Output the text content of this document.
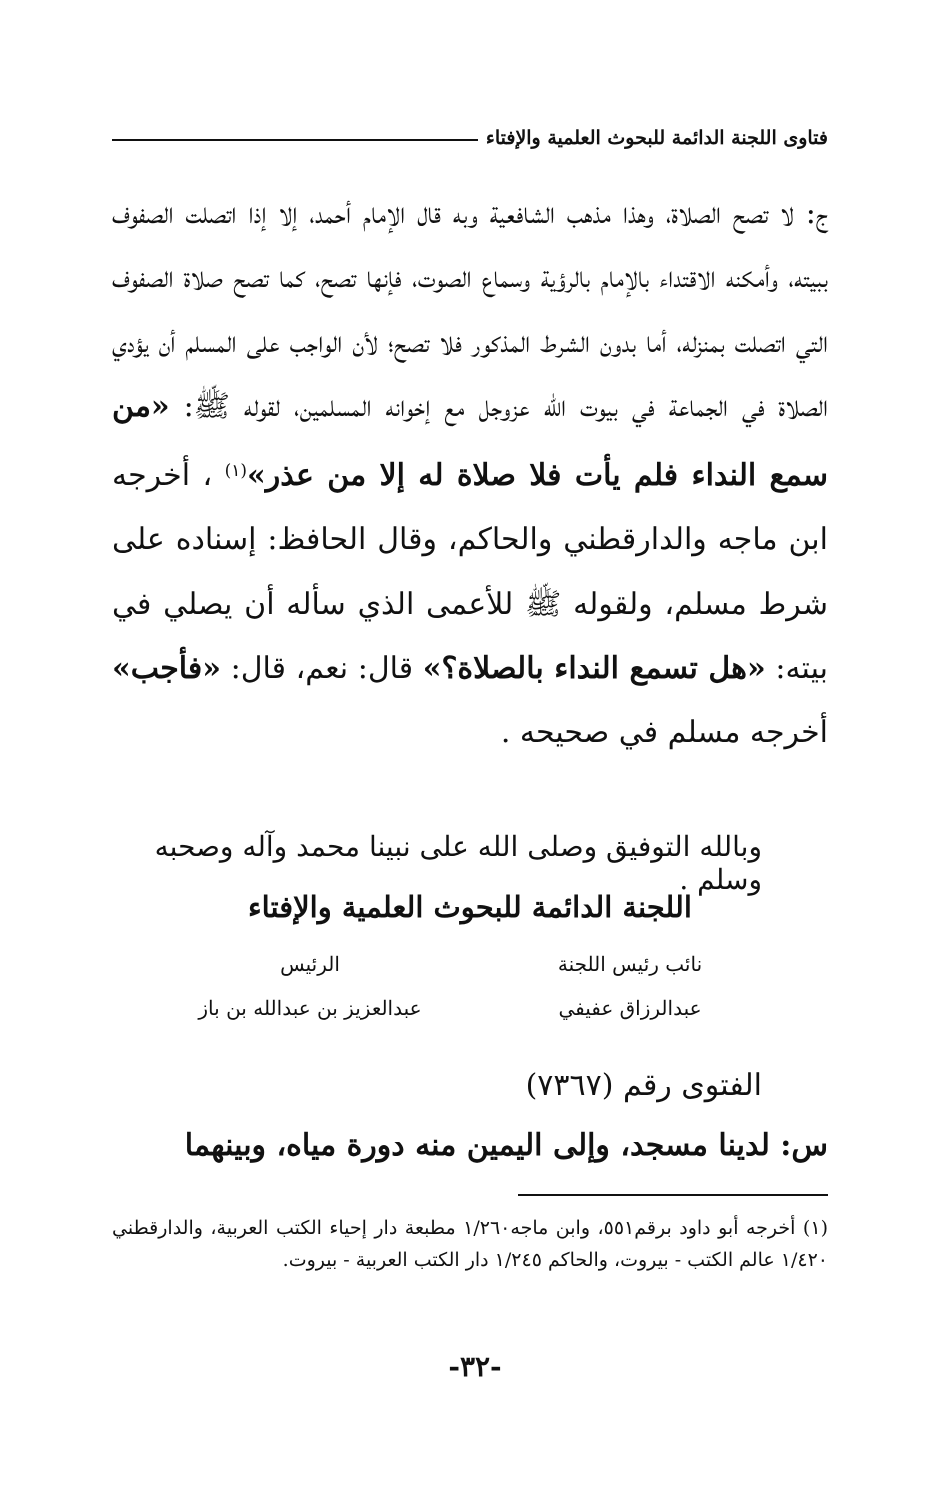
فتاوى اللجنة الدائمة للبحوث العلمية والإفتاء

ج: لا تصح الصلاة، وهذا مذهب الشافعية وبه قال الإمام أحمد، إلا إذا اتصلت الصفوف ببيته، وأمكنه الاقتداء بالإمام بالرؤية وسماع الصوت، فإنها تصح، كما تصح صلاة الصفوف التي اتصلت بمنزله، أما بدون الشرط المذكور فلا تصح؛ لأن الواجب على المسلم أن يؤدي الصلاة في الجماعة في بيوت الله عزوجل مع إخوانه المسلمين، لقوله ﷺ: «من سمع النداء فلم يأت فلا صلاة له إلا من عذر»$^{(١)}$ ، أخرجه ابن ماجه والدارقطني والحاكم، وقال الحافظ: إسناده على شرط مسلم، ولقوله ﷺ للأعمى الذي سأله أن يصلي في بيته: «هل تسمع النداء بالصلاة؟» قال: نعم، قال: «فأجب» أخرجه مسلم في صحيحه .

وبالله التوفيق وصلى الله على نبينا محمد وآله وصحبه وسلم .
اللجنة الدائمة للبحوث العلمية والإفتاء
نائب رئيس اللجنة
عبدالرزاق عفيفي
الرئيس
عبدالعزيز بن عبدالله بن باز
الفتوى رقم (٧٣٦٧)
س: لدينا مسجد، وإلى اليمين منه دورة مياه، وبينهما
(١) أخرجه أبو داود برقم٥٥١، وابن ماجه١/٢٦٠ مطبعة دار إحياء الكتب العربية، والدارقطني ١/٤٢٠ عالم الكتب - بيروت، والحاكم ١/٢٤٥ دار الكتب العربية - بيروت.
-٣٢-
